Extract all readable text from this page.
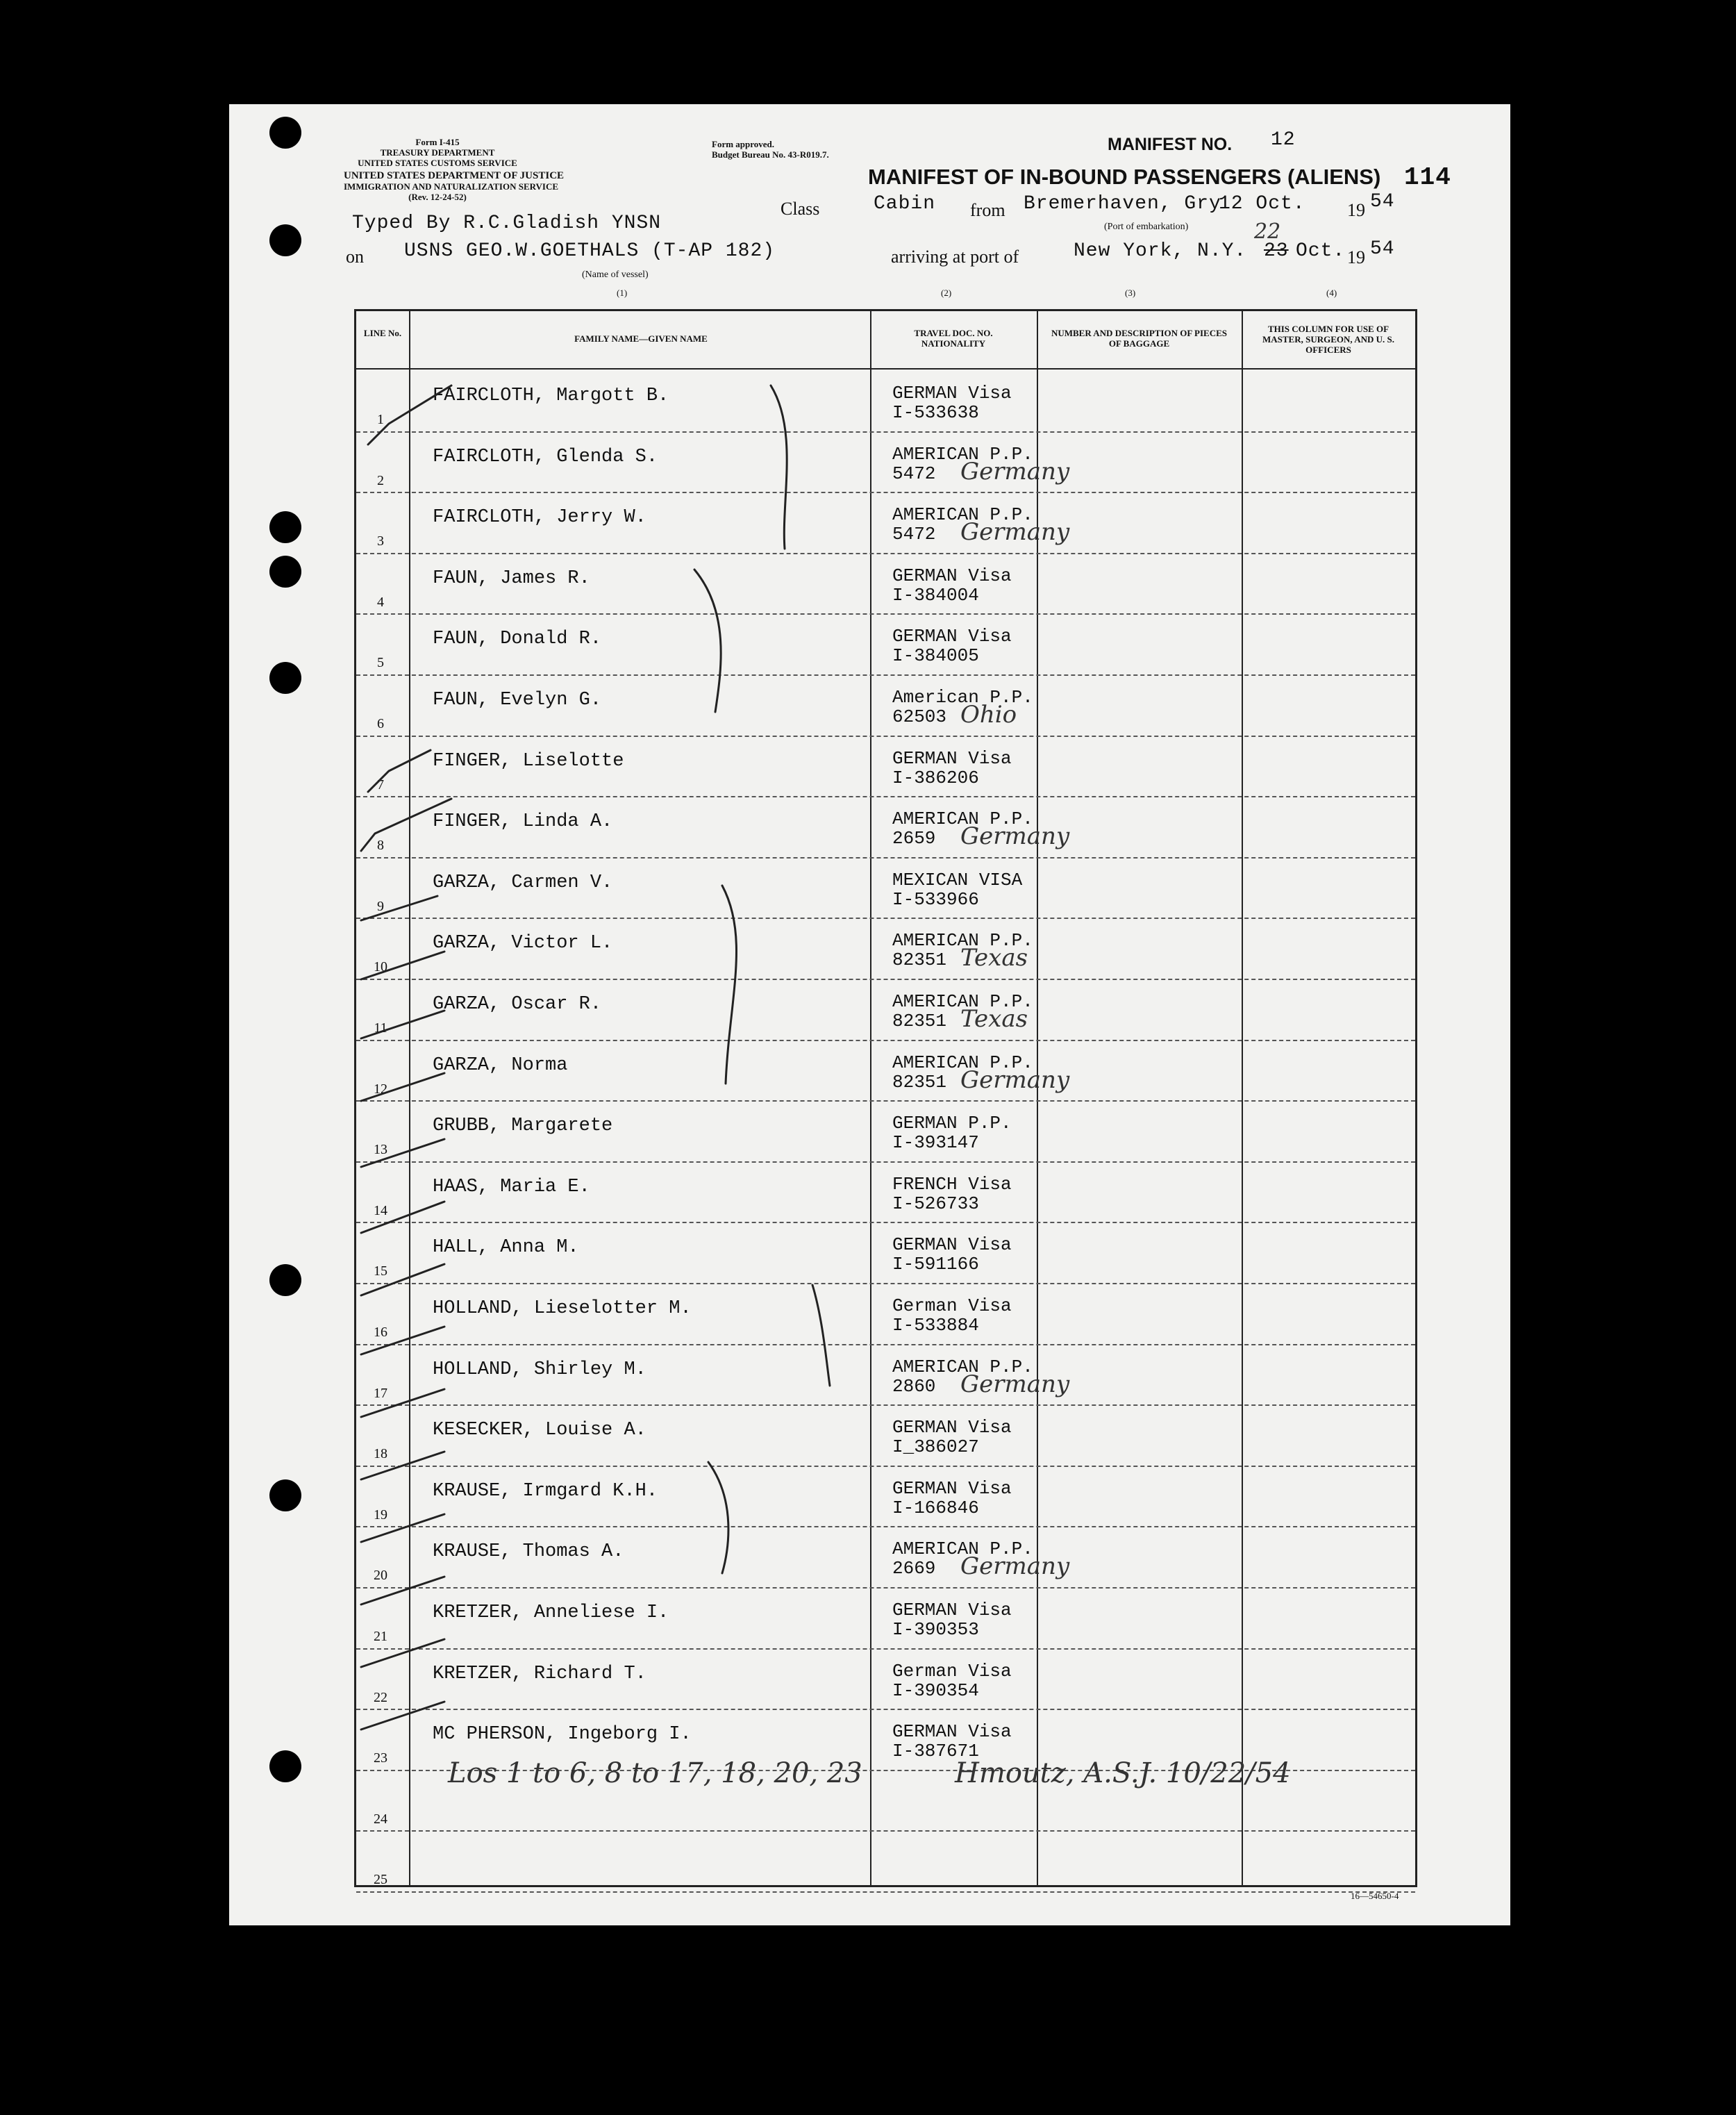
Form I-415
TREASURY DEPARTMENT
UNITED STATES CUSTOMS SERVICE
UNITED STATES DEPARTMENT OF JUSTICE
IMMIGRATION AND NATURALIZATION SERVICE
(Rev. 12-24-52)
Form approved.
Budget Bureau No. 43-R019.7.
MANIFEST NO. 12
MANIFEST OF IN-BOUND PASSENGERS (ALIENS) 114
Typed By R.C.Gladish YNSN
Class	Cabin from Bremerhaven, Gry
12 Oct. 19 54
(Port of embarkation)
on USNS GEO.W.GOETHALS (T-AP 182)
(Name of vessel)
arriving at port of	New York, N.Y. 23
22
Oct. 19 54
(1)	(2)	(3)	(4)
LINE No.
FAMILY NAME—GIVEN NAME
TRAVEL DOC. NO. NATIONALITY
NUMBER AND DESCRIPTION OF PIECES OF BAGGAGE
THIS COLUMN FOR USE OF MASTER, SURGEON, AND U. S. OFFICERS
1
FAIRCLOTH, Margott B.	GERMAN Visa
I-533638
2
FAIRCLOTH, Glenda S.	AMERICAN P.P.
5472 Germany
3
FAIRCLOTH, Jerry W.	AMERICAN P.P.
5472 Germany
4
FAUN, James R.	GERMAN Visa
I-384004
5
FAUN, Donald R.	GERMAN Visa
I-384005
6
FAUN, Evelyn G.	American P.P.
62503 Ohio
7
FINGER, Liselotte	GERMAN Visa
I-386206
8
FINGER, Linda A.	AMERICAN P.P.
2659 Germany
9
GARZA, Carmen V.	MEXICAN VISA
I-533966
10
GARZA, Victor L.	AMERICAN P.P.
82351 Texas
11
GARZA, Oscar R.	AMERICAN P.P.
82351 Texas
12
GARZA, Norma	AMERICAN P.P.
82351 Germany
13
GRUBB, Margarete	GERMAN P.P.
I-393147
14
HAAS, Maria E.	FRENCH Visa
I-526733
15
HALL, Anna M.	GERMAN Visa
I-591166
16
HOLLAND, Lieselotter M.	German Visa
I-533884
17
HOLLAND, Shirley M.	AMERICAN P.P.
2860 Germany
18
KESECKER, Louise A.	GERMAN Visa
I_386027
19
KRAUSE, Irmgard K.H.	GERMAN Visa
I-166846
20
KRAUSE, Thomas A.	AMERICAN P.P.
2669 Germany
21
KRETZER, Anneliese I.	GERMAN Visa
I-390353
22
KRETZER, Richard T.	German Visa
I-390354
23
MC PHERSON, Ingeborg I.	GERMAN Visa
I-387671
24
25
Los 1 to 6, 8 to 17, 18, 20, 23	Hmoutz, A.S.J. 10/22/54
16—54650-4
